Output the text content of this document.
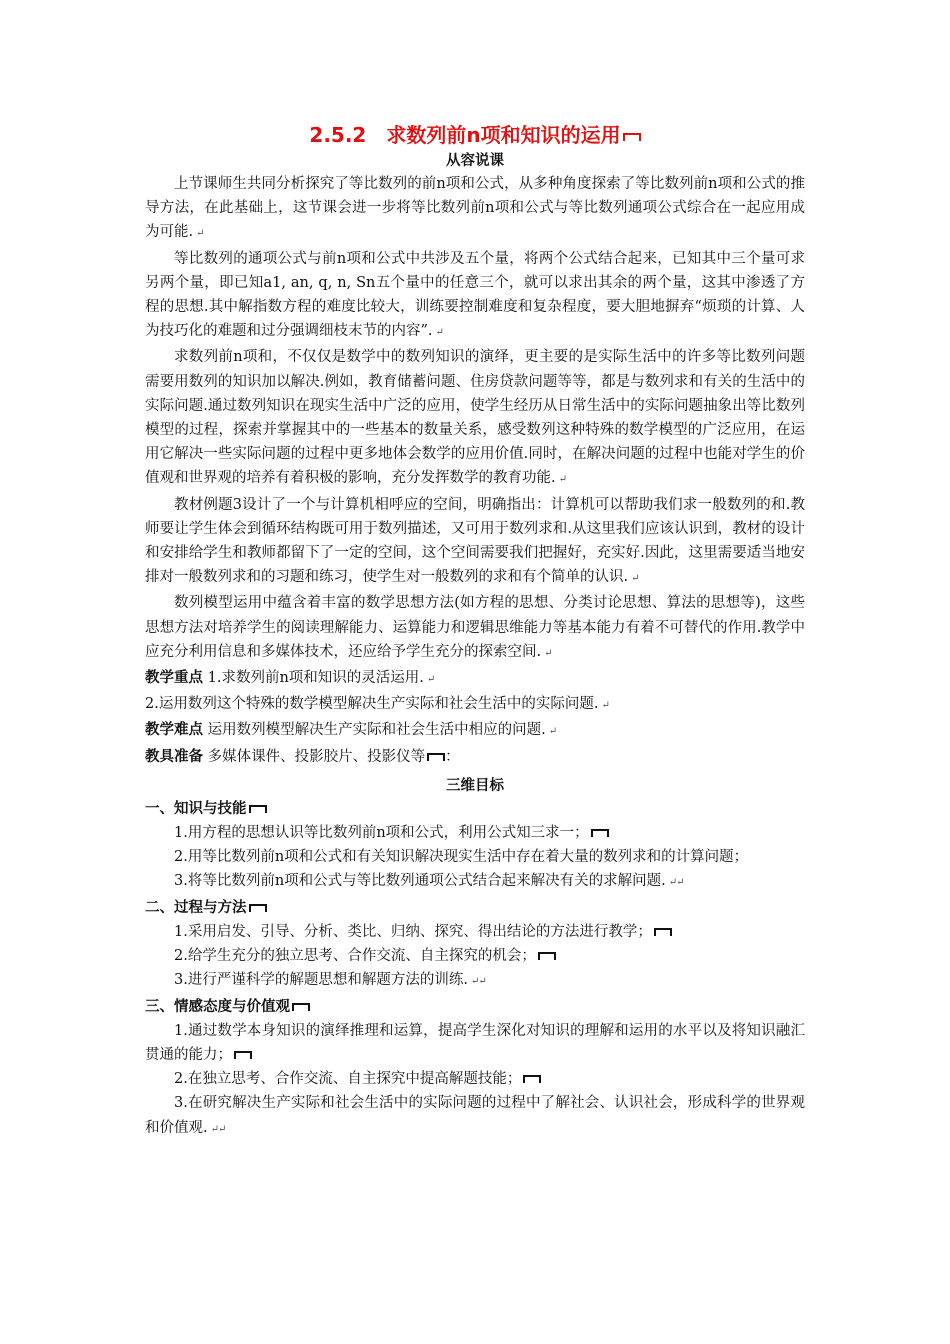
2.5.2　求数列前n项和知识的运用
从容说课

上节课师生共同分析探究了等比数列的前n项和公式，从多种角度探索了等比数列前n项和公式的推导方法，在此基础上，这节课会进一步将等比数列前n项和公式与等比数列通项公式综合在一起应用成为可能. ↵

等比数列的通项公式与前n项和公式中共涉及五个量，将两个公式结合起来，已知其中三个量可求另两个量，即已知a1, an, q, n, Sn五个量中的任意三个，就可以求出其余的两个量，这其中渗透了方程的思想.其中解指数方程的难度比较大，训练要控制难度和复杂程度，要大胆地摒弃“烦琐的计算、人为技巧化的难题和过分强调细枝末节的内容”. ↵

求数列前n项和，不仅仅是数学中的数列知识的演绎，更主要的是实际生活中的许多等比数列问题需要用数列的知识加以解决.例如，教育储蓄问题、住房贷款问题等等，都是与数列求和有关的生活中的实际问题.通过数列知识在现实生活中广泛的应用，使学生经历从日常生活中的实际问题抽象出等比数列模型的过程，探索并掌握其中的一些基本的数量关系，感受数列这种特殊的数学模型的广泛应用，在运用它解决一些实际问题的过程中更多地体会数学的应用价值.同时，在解决问题的过程中也能对学生的价值观和世界观的培养有着积极的影响，充分发挥数学的教育功能. ↵

教材例题3设计了一个与计算机相呼应的空间，明确指出：计算机可以帮助我们求一般数列的和.教师要让学生体会到循环结构既可用于数列描述，又可用于数列求和.从这里我们应该认识到，教材的设计和安排给学生和教师都留下了一定的空间，这个空间需要我们把握好，充实好.因此，这里需要适当地安排对一般数列求和的习题和练习，使学生对一般数列的求和有个简单的认识. ↵

数列模型运用中蕴含着丰富的数学思想方法(如方程的思想、分类讨论思想、算法的思想等)，这些思想方法对培养学生的阅读理解能力、运算能力和逻辑思维能力等基本能力有着不可替代的作用.教学中应充分利用信息和多媒体技术，还应给予学生充分的探索空间. ↵

教学重点 1.求数列前n项和知识的灵活运用. ↵

2.运用数列这个特殊的数学模型解决生产实际和社会生活中的实际问题. ↵

教学难点 运用数列模型解决生产实际和社会生活中相应的问题. ↵

教具准备 多媒体课件、投影胶片、投影仪等 ：

三维目标

一、知识与技能

1.用方程的思想认识等比数列前n项和公式，利用公式知三求一；

2.用等比数列前n项和公式和有关知识解决现实生活中存在着大量的数列求和的计算问题；

3.将等比数列前n项和公式与等比数列通项公式结合起来解决有关的求解问题. ↵↵

二、过程与方法

1.采用启发、引导、分析、类比、归纳、探究、得出结论的方法进行教学；

2.给学生充分的独立思考、合作交流、自主探究的机会；

3.进行严谨科学的解题思想和解题方法的训练. ↵↵

三、情感态度与价值观

1.通过数学本身知识的演绎推理和运算，提高学生深化对知识的理解和运用的水平以及将知识融汇贯通的能力；

2.在独立思考、合作交流、自主探究中提高解题技能；

3.在研究解决生产实际和社会生活中的实际问题的过程中了解社会、认识社会，形成科学的世界观和价值观. ↵↵
